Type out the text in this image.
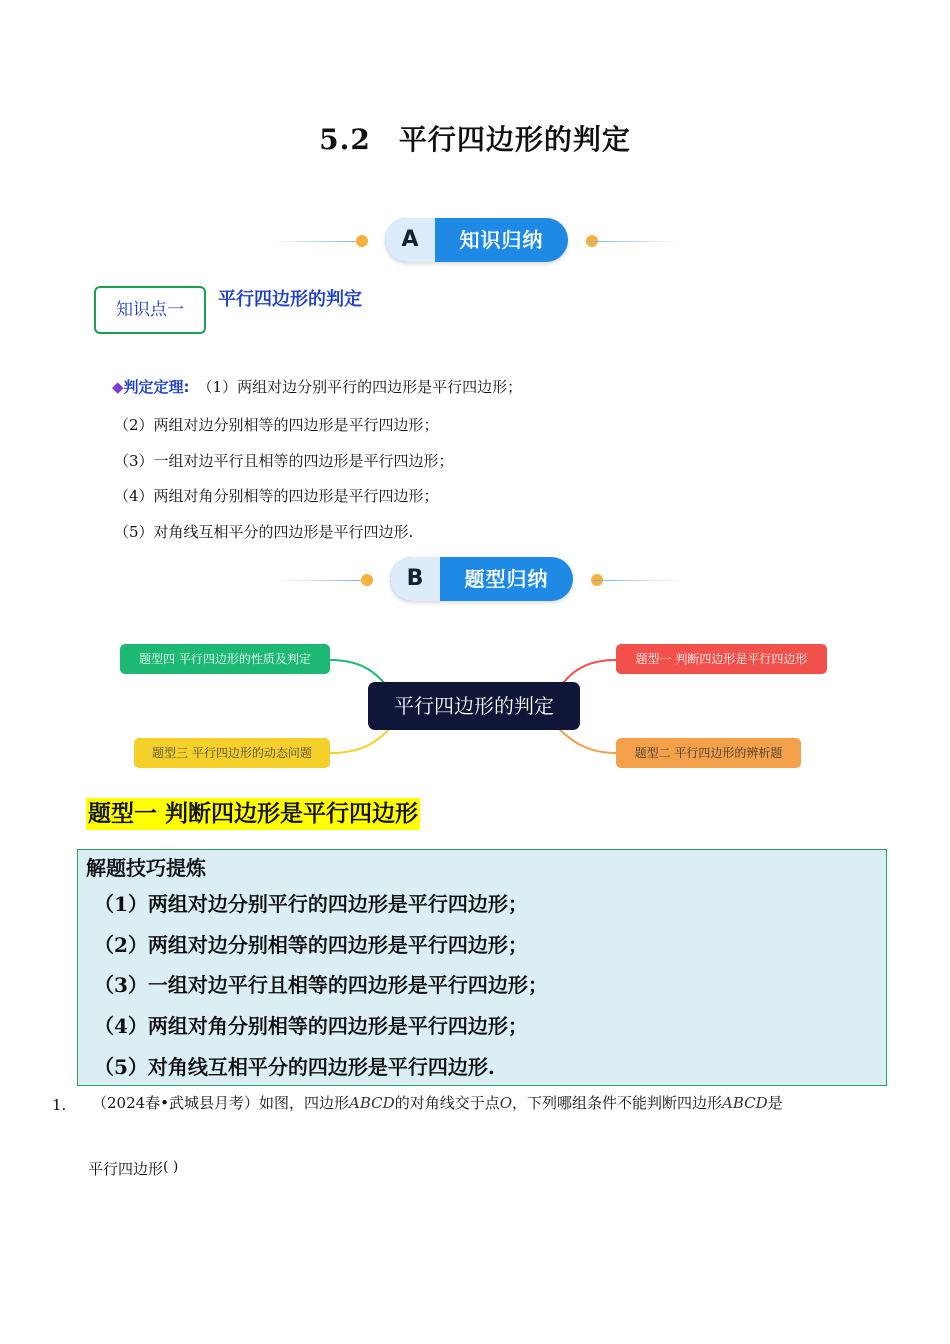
5.2 平行四边形的判定
A	知识归纳
知识点一	平行四边形的判定
◆判定定理: （1）两组对边分别平行的四边形是平行四边形；
（2）两组对边分别相等的四边形是平行四边形；
（3）一组对边平行且相等的四边形是平行四边形；
（4）两组对角分别相等的四边形是平行四边形；
（5）对角线互相平分的四边形是平行四边形.
B	题型归纳
题型四 平行四边形的性质及判定	题型一 判断四边形是平行四边形
平行四边形的判定
题型三 平行四边形的动态问题	题型二 平行四边形的辨析题
题型一 判断四边形是平行四边形
解题技巧提炼
（1）两组对边分别平行的四边形是平行四边形；
（2）两组对边分别相等的四边形是平行四边形；
（3）一组对边平行且相等的四边形是平行四边形；
（4）两组对角分别相等的四边形是平行四边形；
（5）对角线互相平分的四边形是平行四边形.
1. （2024春•武城县月考）如图，四边形ABCD的对角线交于点O，下列哪组条件不能判断四边形ABCD是
平行四边形( )
